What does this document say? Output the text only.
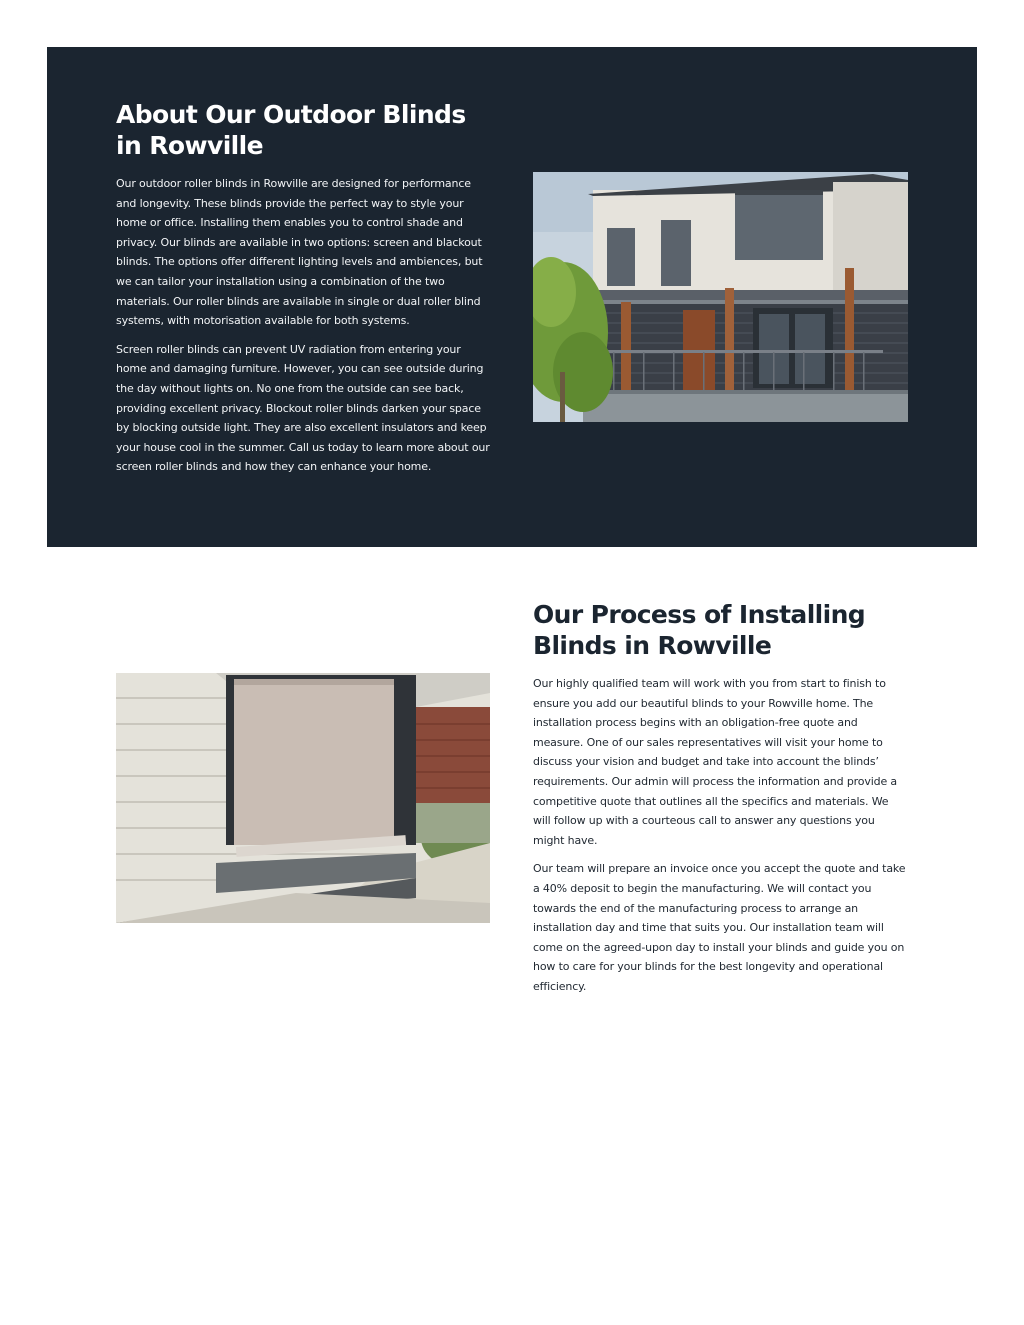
About Our Outdoor Blinds in Rowville

Our outdoor roller blinds in Rowville are designed for performance and longevity. These blinds provide the perfect way to style your home or office. Installing them enables you to control shade and privacy. Our blinds are available in two options: screen and blackout blinds. The options offer different lighting levels and ambiences, but we can tailor your installation using a combination of the two materials. Our roller blinds are available in single or dual roller blind systems, with motorisation available for both systems.

Screen roller blinds can prevent UV radiation from entering your home and damaging furniture. However, you can see outside during the day without lights on. No one from the outside can see back, providing excellent privacy. Blockout roller blinds darken your space by blocking outside light. They are also excellent insulators and keep your house cool in the summer. Call us today to learn more about our screen roller blinds and how they can enhance your home.

Our Process of Installing Blinds in Rowville

Our highly qualified team will work with you from start to finish to ensure you add our beautiful blinds to your Rowville home. The installation process begins with an obligation-free quote and measure. One of our sales representatives will visit your home to discuss your vision and budget and take into account the blinds’ requirements. Our admin will process the information and provide a competitive quote that outlines all the specifics and materials. We will follow up with a courteous call to answer any questions you might have.

Our team will prepare an invoice once you accept the quote and take a 40% deposit to begin the manufacturing. We will contact you towards the end of the manufacturing process to arrange an installation day and time that suits you. Our installation team will come on the agreed-upon day to install your blinds and guide you on how to care for your blinds for the best longevity and operational efficiency.
